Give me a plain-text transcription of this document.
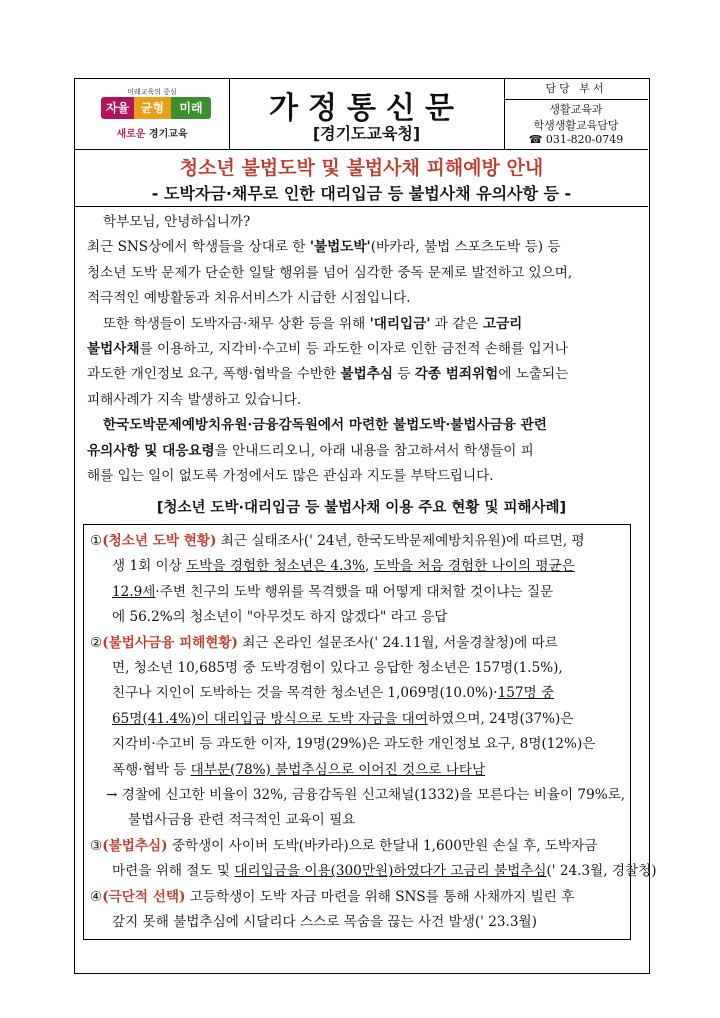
미래교육의 중심
자율 균형	미래
새로운 경기교육
가정통신문
[경기도교육청]
담당 부서
생활교육과
학생생활교육담당
☎ 031-820-0749
청소년 불법도박 및 불법사채 피해예방 안내
- 도박자금·채무로 인한 대리입금 등 불법사채 유의사항 등 -
학부모님, 안녕하십니까?
최근 SNS상에서 학생들을 상대로 한 '불법도박'(바카라, 불법 스포츠도박 등) 등
청소년 도박 문제가 단순한 일탈 행위를 넘어 심각한 중독 문제로 발전하고 있으며,
적극적인 예방활동과 치유서비스가 시급한 시점입니다.
또한 학생들이 도박자금·채무 상환 등을 위해 '대리입금' 과 같은 고금리
불법사채를 이용하고, 지각비·수고비 등 과도한 이자로 인한 금전적 손해를 입거나
과도한 개인정보 요구, 폭행·협박을 수반한 불법추심 등 각종 범죄위험에 노출되는
피해사례가 지속 발생하고 있습니다.
한국도박문제예방치유원·금융감독원에서 마련한 불법도박·불법사금융 관련
유의사항 및 대응요령을 안내드리오니, 아래 내용을 참고하셔서 학생들이 피
해를 입는 일이 없도록 가정에서도 많은 관심과 지도를 부탁드립니다.
[청소년 도박·대리입금 등 불법사채 이용 주요 현황 및 피해사례]
①(청소년 도박 현황) 최근 실태조사(' 24년, 한국도박문제예방치유원)에 따르면, 평
생 1회 이상 도박을 경험한 청소년은 4.3%, 도박을 처음 경험한 나이의 평균은
12.9세·주변 친구의 도박 행위를 목격했을 때 어떻게 대처할 것이냐는 질문
에 56.2%의 청소년이 "아무것도 하지 않겠다" 라고 응답
②(불법사금융 피해현황) 최근 온라인 설문조사(' 24.11월, 서울경찰청)에 따르
면, 청소년 10,685명 중 도박경험이 있다고 응답한 청소년은 157명(1.5%),
친구나 지인이 도박하는 것을 목격한 청소년은 1,069명(10.0%)·157명 중
65명(41.4%)이 대리입금 방식으로 도박 자금을 대여하였으며, 24명(37%)은
지각비·수고비 등 과도한 이자, 19명(29%)은 과도한 개인정보 요구, 8명(12%)은
폭행·협박 등 대부분(78%) 불법추심으로 이어진 것으로 나타남
→ 경찰에 신고한 비율이 32%, 금융감독원 신고채널(1332)을 모른다는 비율이 79%로,
불법사금융 관련 적극적인 교육이 필요
③(불법추심) 중학생이 사이버 도박(바카라)으로 한달내 1,600만원 손실 후, 도박자금
마련을 위해 절도 및 대리입금을 이용(300만원)하였다가 고금리 불법추심(' 24.3월, 경찰청)
④(극단적 선택) 고등학생이 도박 자금 마련을 위해 SNS를 통해 사채까지 빌린 후
갚지 못해 불법추심에 시달리다 스스로 목숨을 끊는 사건 발생(' 23.3월)
